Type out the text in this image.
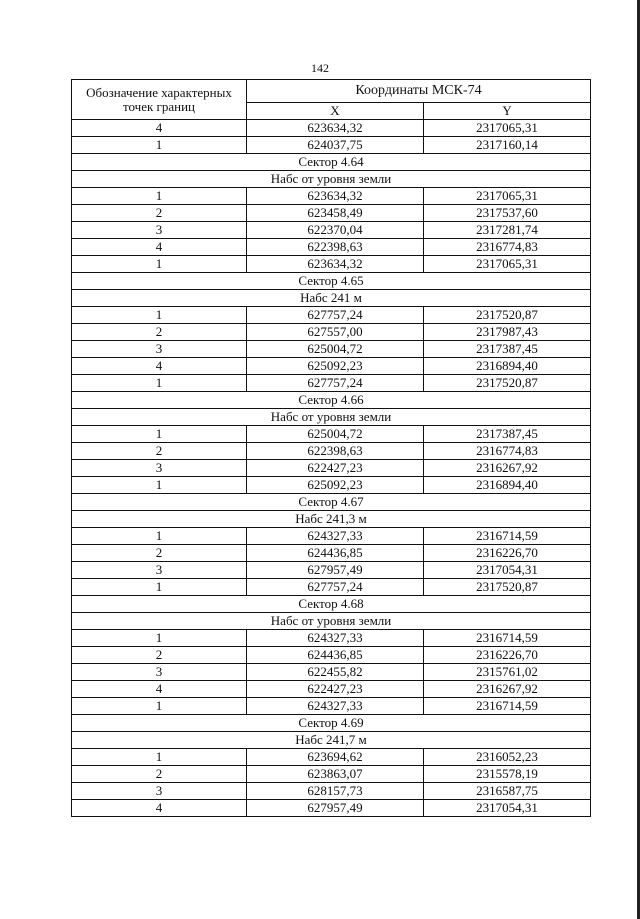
142
Обозначение характерных
точек границ	Координаты МСК-74	
	X	Y
4	623634,32	2317065,31
1	624037,75	2317160,14
Сектор 4.64		
Набс от уровня земли		
1	623634,32	2317065,31
2	623458,49	2317537,60
3	622370,04	2317281,74
4	622398,63	2316774,83
1	623634,32	2317065,31
Сектор 4.65		
Набс 241 м		
1	627757,24	2317520,87
2	627557,00	2317987,43
3	625004,72	2317387,45
4	625092,23	2316894,40
1	627757,24	2317520,87
Сектор 4.66		
Набс от уровня земли		
1	625004,72	2317387,45
2	622398,63	2316774,83
3	622427,23	2316267,92
1	625092,23	2316894,40
Сектор 4.67		
Набс 241,3 м		
1	624327,33	2316714,59
2	624436,85	2316226,70
3	627957,49	2317054,31
1	627757,24	2317520,87
Сектор 4.68		
Набс от уровня земли		
1	624327,33	2316714,59
2	624436,85	2316226,70
3	622455,82	2315761,02
4	622427,23	2316267,92
1	624327,33	2316714,59
Сектор 4.69		
Набс 241,7 м		
1	623694,62	2316052,23
2	623863,07	2315578,19
3	628157,73	2316587,75
4	627957,49	2317054,31
